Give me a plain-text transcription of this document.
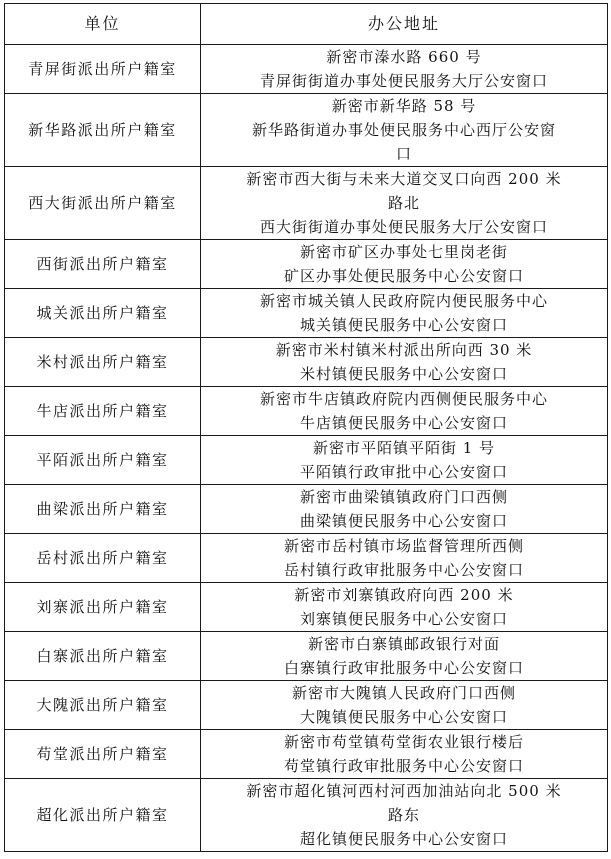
单位	办公地址
青屏街派出所户籍室	新密市溱水路 660 号
青屏街街道办事处便民服务大厅公安窗口

新华路派出所户籍室	新密市新华路 58 号
新华路街道办事处便民服务中心西厅公安窗
口

西大街派出所户籍室	新密市西大街与未来大道交叉口向西 200 米
路北
西大街街道办事处便民服务大厅公安窗口

西街派出所户籍室	新密市矿区办事处七里岗老街
矿区办事处便民服务中心公安窗口

城关派出所户籍室	新密市城关镇人民政府院内便民服务中心
城关镇便民服务中心公安窗口

米村派出所户籍室	新密市米村镇米村派出所向西 30 米
米村镇便民服务中心公安窗口

牛店派出所户籍室	新密市牛店镇政府院内西侧便民服务中心
牛店镇便民服务中心公安窗口

平陌派出所户籍室	新密市平陌镇平陌街 1 号
平陌镇行政审批中心公安窗口

曲梁派出所户籍室	新密市曲梁镇镇政府门口西侧
曲梁镇便民服务中心公安窗口

岳村派出所户籍室	新密市岳村镇市场监督管理所西侧
岳村镇行政审批服务中心公安窗口

刘寨派出所户籍室	新密市刘寨镇政府向西 200 米
刘寨镇便民服务中心公安窗口

白寨派出所户籍室	新密市白寨镇邮政银行对面
白寨镇行政审批服务中心公安窗口

大隗派出所户籍室	新密市大隗镇人民政府门口西侧
大隗镇便民服务中心公安窗口

苟堂派出所户籍室	新密市苟堂镇苟堂街农业银行楼后
苟堂镇行政审批服务中心公安窗口

超化派出所户籍室	新密市超化镇河西村河西加油站向北 500 米
路东
超化镇便民服务中心公安窗口
